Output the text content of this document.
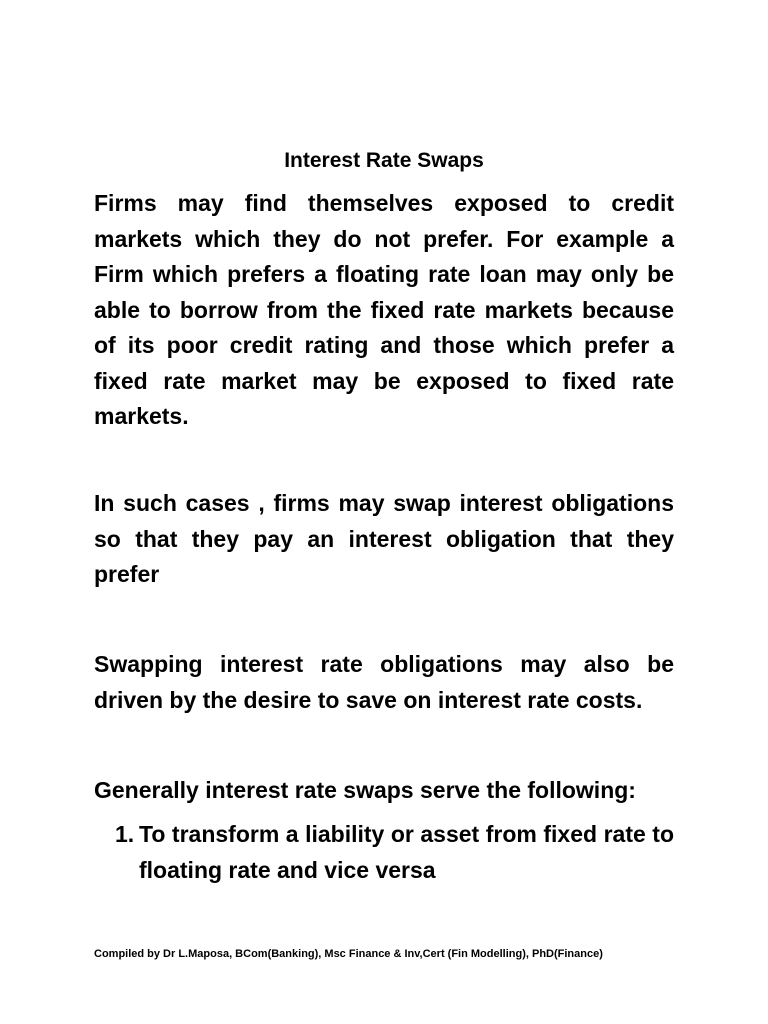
Interest Rate Swaps

Firms may find themselves exposed to credit markets which they do not prefer. For example a Firm which prefers a floating rate loan may only be able to borrow from the fixed rate markets because of its poor credit rating and those which prefer a fixed rate market may be exposed to fixed rate markets.

In such cases , firms may swap interest obligations so that they pay an interest obligation that they prefer

Swapping interest rate obligations may also be driven by the desire to save on interest rate costs.

Generally interest rate swaps serve the following:

1. To transform a liability or asset from fixed rate to floating rate and vice versa

Compiled by Dr L.Maposa, BCom(Banking), Msc Finance & Inv,Cert (Fin Modelling), PhD(Finance)
